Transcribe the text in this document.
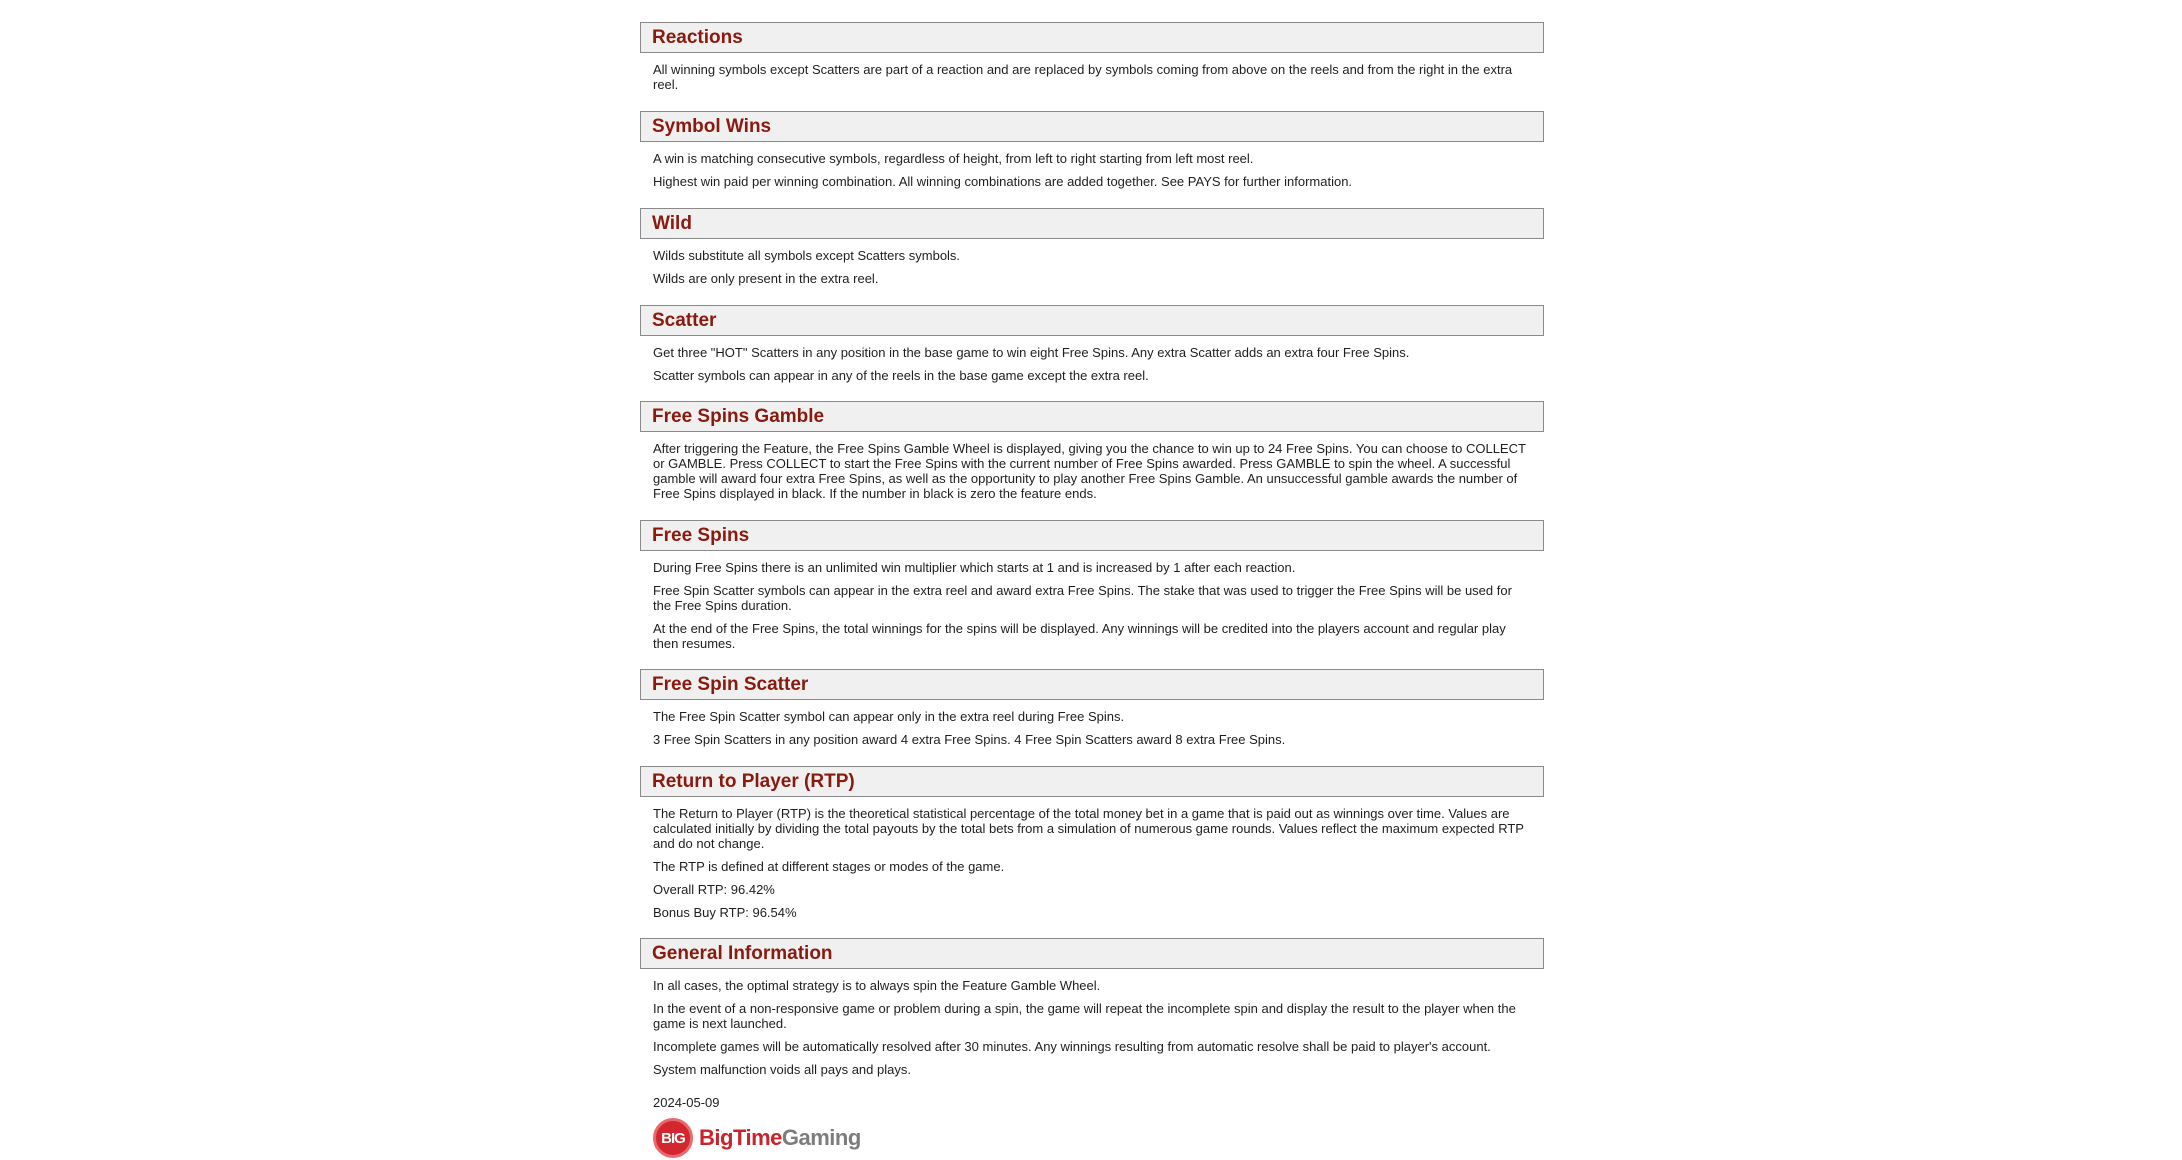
Reactions

All winning symbols except Scatters are part of a reaction and are replaced by symbols coming from above on the reels and from the right in the extra reel.

Symbol Wins

A win is matching consecutive symbols, regardless of height, from left to right starting from left most reel.

Highest win paid per winning combination. All winning combinations are added together. See PAYS for further information.

Wild

Wilds substitute all symbols except Scatters symbols.

Wilds are only present in the extra reel.

Scatter

Get three "HOT" Scatters in any position in the base game to win eight Free Spins. Any extra Scatter adds an extra four Free Spins.

Scatter symbols can appear in any of the reels in the base game except the extra reel.

Free Spins Gamble

After triggering the Feature, the Free Spins Gamble Wheel is displayed, giving you the chance to win up to 24 Free Spins. You can choose to COLLECT or GAMBLE. Press COLLECT to start the Free Spins with the current number of Free Spins awarded. Press GAMBLE to spin the wheel. A successful gamble will award four extra Free Spins, as well as the opportunity to play another Free Spins Gamble. An unsuccessful gamble awards the number of Free Spins displayed in black. If the number in black is zero the feature ends.

Free Spins

During Free Spins there is an unlimited win multiplier which starts at 1 and is increased by 1 after each reaction.

Free Spin Scatter symbols can appear in the extra reel and award extra Free Spins. The stake that was used to trigger the Free Spins will be used for the Free Spins duration.

At the end of the Free Spins, the total winnings for the spins will be displayed. Any winnings will be credited into the players account and regular play then resumes.

Free Spin Scatter

The Free Spin Scatter symbol can appear only in the extra reel during Free Spins.

3 Free Spin Scatters in any position award 4 extra Free Spins. 4 Free Spin Scatters award 8 extra Free Spins.

Return to Player (RTP)

The Return to Player (RTP) is the theoretical statistical percentage of the total money bet in a game that is paid out as winnings over time. Values are calculated initially by dividing the total payouts by the total bets from a simulation of numerous game rounds. Values reflect the maximum expected RTP and do not change.

The RTP is defined at different stages or modes of the game.

Overall RTP: 96.42%

Bonus Buy RTP: 96.54%

General Information

In all cases, the optimal strategy is to always spin the Feature Gamble Wheel.

In the event of a non-responsive game or problem during a spin, the game will repeat the incomplete spin and display the result to the player when the game is next launched.

Incomplete games will be automatically resolved after 30 minutes. Any winnings resulting from automatic resolve shall be paid to player's account.

System malfunction voids all pays and plays.

2024-05-09
BIG BigTimeGaming
